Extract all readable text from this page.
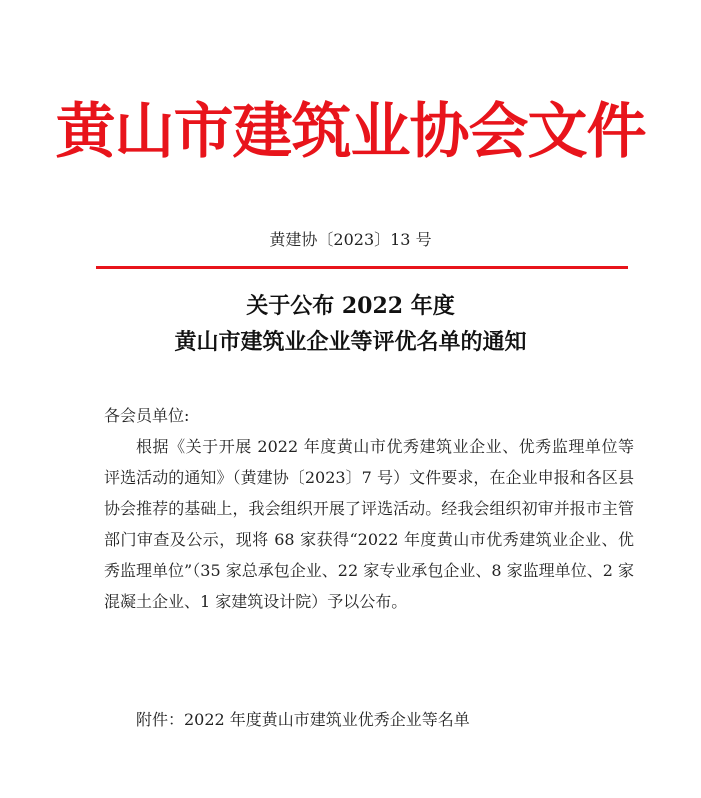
黄山市建筑业协会文件
黄建协〔2023〕13 号
关于公布 2022 年度
黄山市建筑业企业等评优名单的通知

各会员单位:

根据《关于开展 2022 年度黄山市优秀建筑业企业、优秀监理单位等评选活动的通知》（黄建协〔2023〕7 号）文件要求，在企业申报和各区县协会推荐的基础上，我会组织开展了评选活动。经我会组织初审并报市主管部门审查及公示，现将 68 家获得“2022 年度黄山市优秀建筑业企业、优秀监理单位”（35 家总承包企业、22 家专业承包企业、8 家监理单位、2 家混凝土企业、1 家建筑设计院）予以公布。

附件：2022 年度黄山市建筑业优秀企业等名单
